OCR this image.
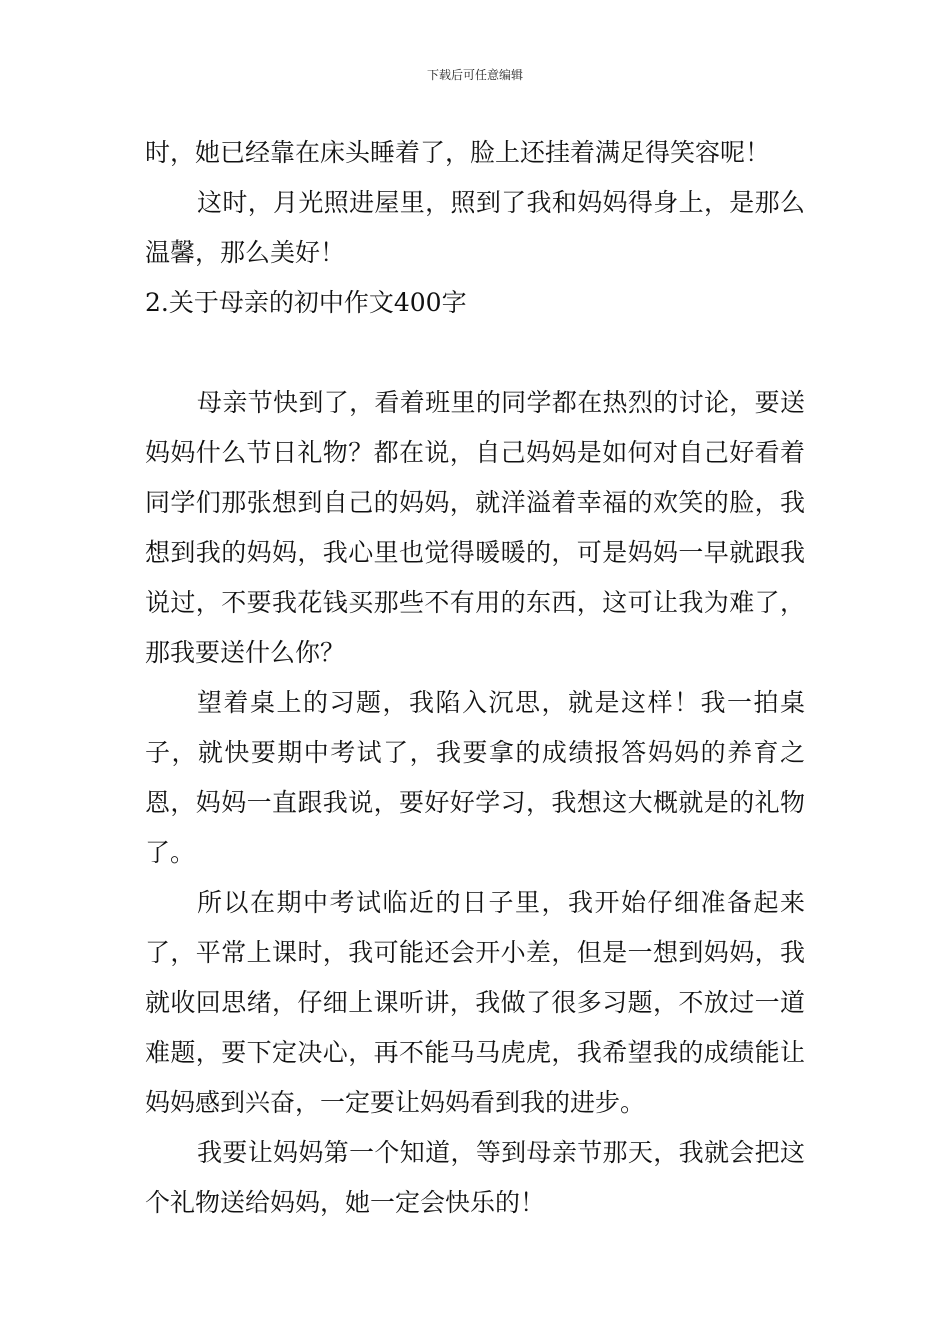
下载后可任意编辑

时，她已经靠在床头睡着了，脸上还挂着满足得笑容呢！

这时，月光照进屋里，照到了我和妈妈得身上，是那么温馨，那么美好！

2.关于母亲的初中作文400字

母亲节快到了，看着班里的同学都在热烈的讨论，要送妈妈什么节日礼物？都在说，自己妈妈是如何对自己好看着同学们那张想到自己的妈妈，就洋溢着幸福的欢笑的脸，我想到我的妈妈，我心里也觉得暖暖的，可是妈妈一早就跟我说过，不要我花钱买那些不有用的东西，这可让我为难了，那我要送什么你？

望着桌上的习题，我陷入沉思，就是这样！我一拍桌子，就快要期中考试了，我要拿的成绩报答妈妈的养育之恩，妈妈一直跟我说，要好好学习，我想这大概就是的礼物了。

所以在期中考试临近的日子里，我开始仔细准备起来了，平常上课时，我可能还会开小差，但是一想到妈妈，我就收回思绪，仔细上课听讲，我做了很多习题，不放过一道难题，要下定决心，再不能马马虎虎，我希望我的成绩能让妈妈感到兴奋，一定要让妈妈看到我的进步。

我要让妈妈第一个知道，等到母亲节那天，我就会把这个礼物送给妈妈，她一定会快乐的！
